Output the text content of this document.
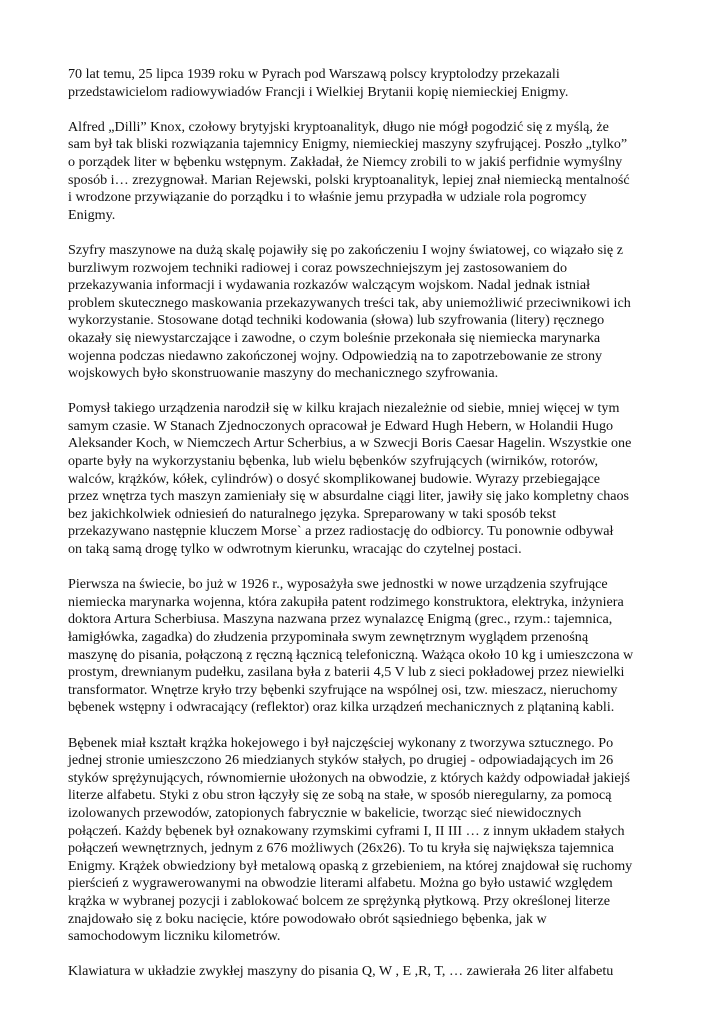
70 lat temu, 25 lipca 1939 roku w Pyrach pod Warszawą polscy kryptolodzy przekazali
przedstawicielom radiowywiadów Francji i Wielkiej Brytanii kopię niemieckiej Enigmy.

Alfred „Dilli” Knox, czołowy brytyjski kryptoanalityk, długo nie mógł pogodzić się z myślą, że
sam był tak bliski rozwiązania tajemnicy Enigmy, niemieckiej maszyny szyfrującej. Poszło „tylko”
o porządek liter w bębenku wstępnym. Zakładał, że Niemcy zrobili to w jakiś perfidnie wymyślny
sposób i… zrezygnował. Marian Rejewski, polski kryptoanalityk, lepiej znał niemiecką mentalność
i wrodzone przywiązanie do porządku i to właśnie jemu przypadła w udziale rola pogromcy
Enigmy.

Szyfry maszynowe na dużą skalę pojawiły się po zakończeniu I wojny światowej, co wiązało się z
burzliwym rozwojem techniki radiowej i coraz powszechniejszym jej zastosowaniem do
przekazywania informacji i wydawania rozkazów walczącym wojskom. Nadal jednak istniał
problem skutecznego maskowania przekazywanych treści tak, aby uniemożliwić przeciwnikowi ich
wykorzystanie. Stosowane dotąd techniki kodowania (słowa) lub szyfrowania (litery) ręcznego
okazały się niewystarczające i zawodne, o czym boleśnie przekonała się niemiecka marynarka
wojenna podczas niedawno zakończonej wojny. Odpowiedzią na to zapotrzebowanie ze strony
wojskowych było skonstruowanie maszyny do mechanicznego szyfrowania.

Pomysł takiego urządzenia narodził się w kilku krajach niezależnie od siebie, mniej więcej w tym
samym czasie. W Stanach Zjednoczonych opracował je Edward Hugh Hebern, w Holandii Hugo
Aleksander Koch, w Niemczech Artur Scherbius, a w Szwecji Boris Caesar Hagelin. Wszystkie one
oparte były na wykorzystaniu bębenka, lub wielu bębenków szyfrujących (wirników, rotorów,
walców, krążków, kółek, cylindrów) o dosyć skomplikowanej budowie. Wyrazy przebiegające
przez wnętrza tych maszyn zamieniały się w absurdalne ciągi liter, jawiły się jako kompletny chaos
bez jakichkolwiek odniesień do naturalnego języka. Spreparowany w taki sposób tekst
przekazywano następnie kluczem Morse` a przez radiostację do odbiorcy. Tu ponownie odbywał
on taką samą drogę tylko w odwrotnym kierunku, wracając do czytelnej postaci.

Pierwsza na świecie, bo już w 1926 r., wyposażyła swe jednostki w nowe urządzenia szyfrujące
niemiecka marynarka wojenna, która zakupiła patent rodzimego konstruktora, elektryka, inżyniera
doktora Artura Scherbiusa. Maszyna nazwana przez wynalazcę Enigmą (grec., rzym.: tajemnica,
łamigłówka, zagadka) do złudzenia przypominała swym zewnętrznym wyglądem przenośną
maszynę do pisania, połączoną z ręczną łącznicą telefoniczną. Ważąca około 10 kg i umieszczona w
prostym, drewnianym pudełku, zasilana była z baterii 4,5 V lub z sieci pokładowej przez niewielki
transformator. Wnętrze kryło trzy bębenki szyfrujące na wspólnej osi, tzw. mieszacz, nieruchomy
bębenek wstępny i odwracający (reflektor) oraz kilka urządzeń mechanicznych z plątaniną kabli.

Bębenek miał kształt krążka hokejowego i był najczęściej wykonany z tworzywa sztucznego. Po
jednej stronie umieszczono 26 miedzianych styków stałych, po drugiej - odpowiadających im 26
styków sprężynujących, równomiernie ułożonych na obwodzie, z których każdy odpowiadał jakiejś
literze alfabetu. Styki z obu stron łączyły się ze sobą na stałe, w sposób nieregularny, za pomocą
izolowanych przewodów, zatopionych fabrycznie w bakelicie, tworząc sieć niewidocznych
połączeń. Każdy bębenek był oznakowany rzymskimi cyframi I, II III … z innym układem stałych
połączeń wewnętrznych, jednym z 676 możliwych (26x26). To tu kryła się największa tajemnica
Enigmy. Krążek obwiedziony był metalową opaską z grzebieniem, na której znajdował się ruchomy
pierścień z wygrawerowanymi na obwodzie literami alfabetu. Można go było ustawić względem
krążka w wybranej pozycji i zablokować bolcem ze sprężynką płytkową. Przy określonej literze
znajdowało się z boku nacięcie, które powodowało obrót sąsiedniego bębenka, jak w
samochodowym liczniku kilometrów.

Klawiatura w układzie zwykłej maszyny do pisania Q, W , E ,R, T, … zawierała 26 liter alfabetu
